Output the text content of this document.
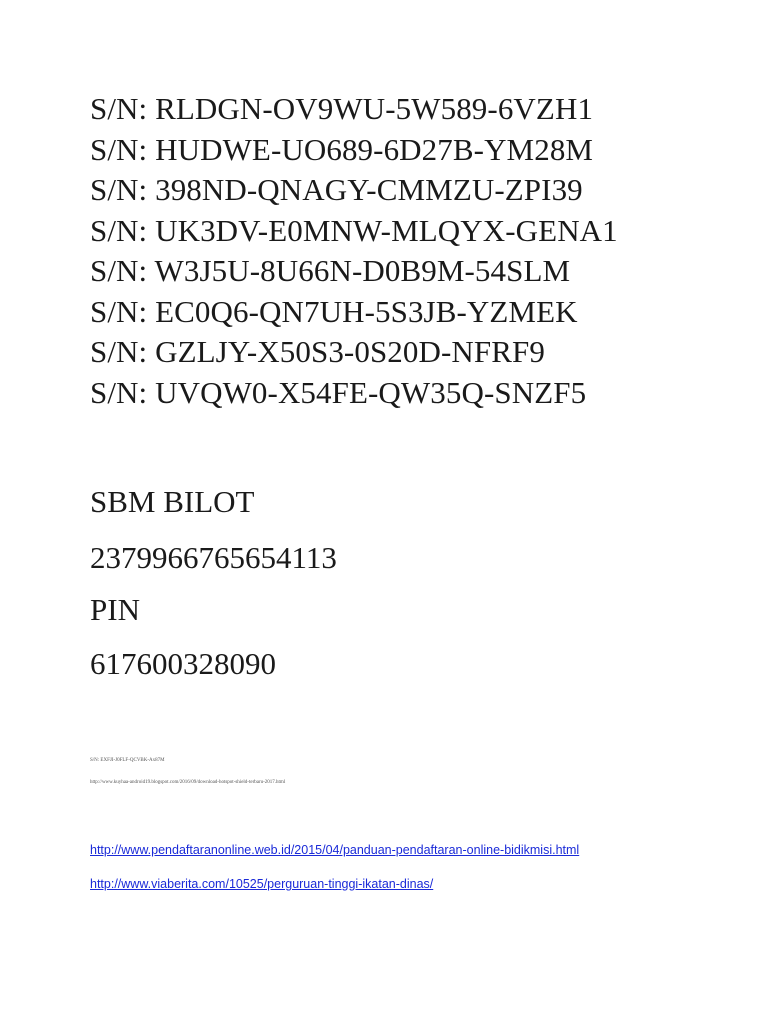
S/N: RLDGN-OV9WU-5W589-6VZH1
S/N: HUDWE-UO689-6D27B-YM28M
S/N: 398ND-QNAGY-CMMZU-ZPI39
S/N: UK3DV-E0MNW-MLQYX-GENA1
S/N: W3J5U-8U66N-D0B9M-54SLM
S/N: EC0Q6-QN7UH-5S3JB-YZMEK
S/N: GZLJY-X50S3-0S20D-NFRF9
S/N: UVQW0-X54FE-QW35Q-SNZF5
SBM BILOT
2379966765654113
PIN
617600328090
S/N: EXFJI-J0FLF-QCVBK-Ax87M
http://www.kuyhaa-android19.blogspot.com/2016/09/download-hotspot-shield-terbaru-2017.html
http://www.pendaftaranonline.web.id/2015/04/panduan-pendaftaran-online-bidikmisi.html
http://www.viaberita.com/10525/perguruan-tinggi-ikatan-dinas/
